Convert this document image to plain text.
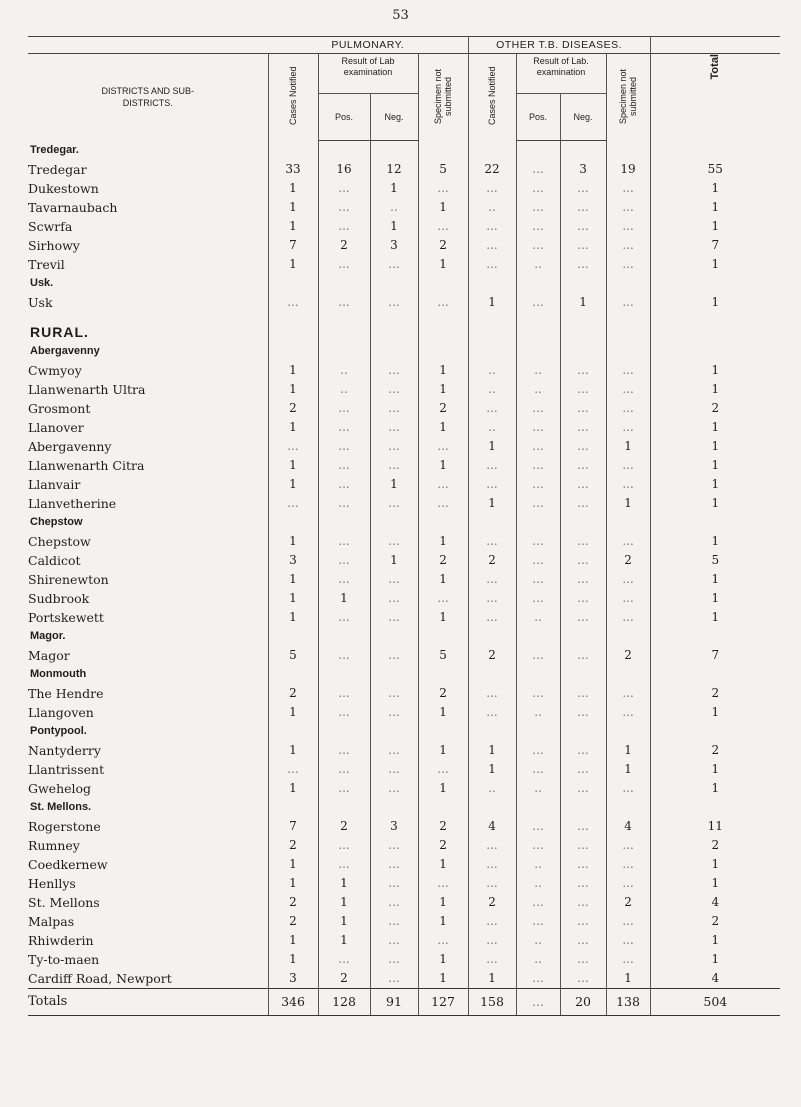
53
	PULMONARY.				OTHER T.B. DISEASES.				
DISTRICTS AND SUB-DISTRICTS.	Cases Notified	Result of Lab examination		Specimen not submitted	Cases Notified	Result of Lab. examination		Specimen not submitted	Total
		Pos.	Neg.			Pos.	Neg.		
Tredegar.									
Tredegar	33	16	12	5	22	...	3	19	55
Dukestown	1	...	1	...	...	...	...	...	1
Tavarnaubach	1	...	..	1	..	...	...	...	1
Scwrfa	1	...	1	...	...	...	...	...	1
Sirhowy	7	2	3	2	...	...	...	...	7
Trevil	1	...	...	1	...	..	...	...	1
Usk.									
Usk	...	...	...	...	1	...	1	...	1

RURAL.									
Abergavenny									
Cwmyoy	1	..	...	1	..	..	...	...	1
Llanwenarth Ultra	1	..	...	1	..	..	...	...	1
Grosmont	2	...	...	2	...	...	...	...	2
Llanover	1	...	...	1	..	...	...	...	1
Abergavenny	...	...	...	...	1	...	...	1	1
Llanwenarth Citra	1	...	...	1	...	...	...	...	1
Llanvair	1	...	1	...	...	...	...	...	1
Llanvetherine	...	...	...	...	1	...	...	1	1
Chepstow									
Chepstow	1	...	...	1	...	...	...	...	1
Caldicot	3	...	1	2	2	...	...	2	5
Shirenewton	1	...	...	1	...	...	...	...	1
Sudbrook	1	1	...	...	...	...	...	...	1
Portskewett	1	...	...	1	...	..	...	...	1
Magor.									
Magor	5	...	...	5	2	...	...	2	7
Monmouth									
The Hendre	2	...	...	2	...	...	...	...	2
Llangoven	1	...	...	1	...	..	...	...	1
Pontypool.									
Nantyderry	1	...	...	1	1	...	...	1	2
Llantrissent	...	...	...	...	1	...	...	1	1
Gwehelog	1	...	...	1	..	..	...	...	1
St. Mellons.									
Rogerstone	7	2	3	2	4	...	...	4	11
Rumney	2	...	...	2	...	...	...	...	2
Coedkernew	1	...	...	1	...	..	...	...	1
Henllys	1	1	...	...	...	..	...	...	1
St. Mellons	2	1	...	1	2	...	...	2	4
Malpas	2	1	...	1	...	...	...	...	2
Rhiwderin	1	1	...	...	...	..	...	...	1
Ty-to-maen	1	...	...	1	...	..	...	...	1
Cardiff Road, Newport	3	2	...	1	1	...	...	1	4
Totals	346	128	91	127	158	...	20	138	504
